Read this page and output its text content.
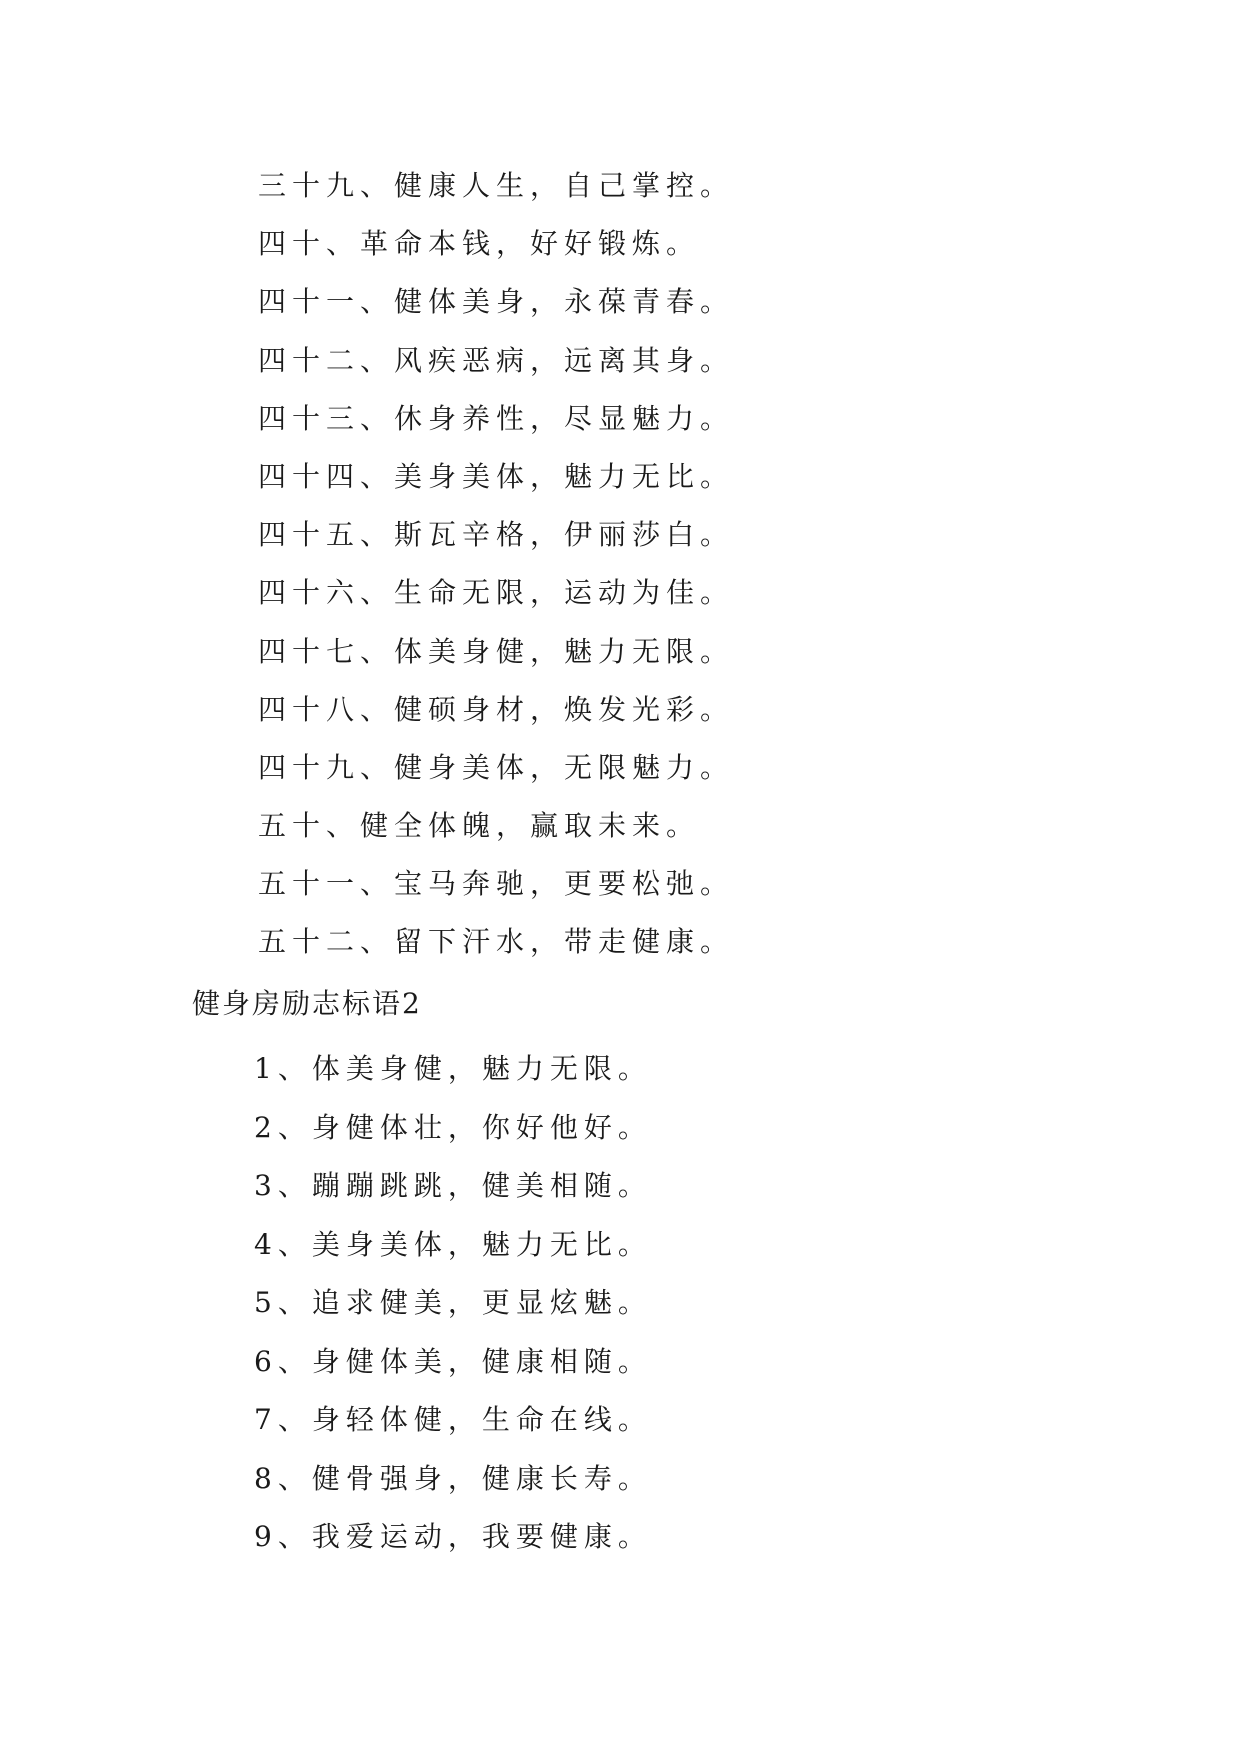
三十九、健康人生，自己掌控。
四十、革命本钱，好好锻炼。
四十一、健体美身，永葆青春。
四十二、风疾恶病，远离其身。
四十三、休身养性，尽显魅力。
四十四、美身美体，魅力无比。
四十五、斯瓦辛格，伊丽莎白。
四十六、生命无限，运动为佳。
四十七、体美身健，魅力无限。
四十八、健硕身材，焕发光彩。
四十九、健身美体，无限魅力。
五十、健全体魄，赢取未来。
五十一、宝马奔驰，更要松弛。
五十二、留下汗水，带走健康。
健身房励志标语2
1、体美身健，魅力无限。
2、身健体壮，你好他好。
3、蹦蹦跳跳，健美相随。
4、美身美体，魅力无比。
5、追求健美，更显炫魅。
6、身健体美，健康相随。
7、身轻体健，生命在线。
8、健骨强身，健康长寿。
9、我爱运动，我要健康。
